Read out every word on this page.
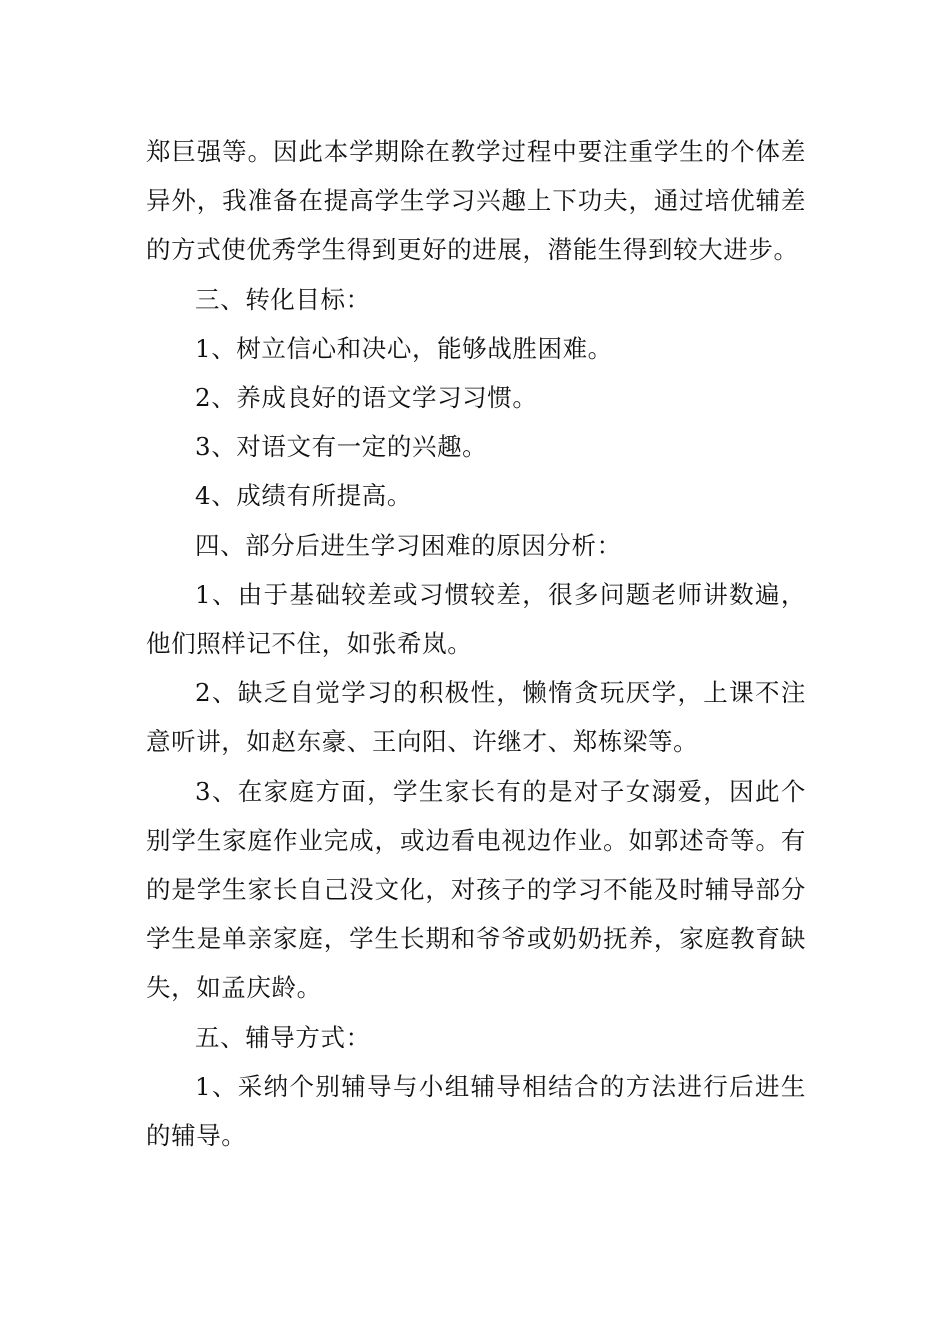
郑巨强等。因此本学期除在教学过程中要注重学生的个体差异外，我准备在提高学生学习兴趣上下功夫，通过培优辅差的方式使优秀学生得到更好的进展，潜能生得到较大进步。

三、转化目标：

1、树立信心和决心，能够战胜困难。

2、养成良好的语文学习习惯。

3、对语文有一定的兴趣。

4、成绩有所提高。

四、部分后进生学习困难的原因分析：

1、由于基础较差或习惯较差，很多问题老师讲数遍，他们照样记不住，如张希岚。

2、缺乏自觉学习的积极性，懒惰贪玩厌学，上课不注意听讲，如赵东豪、王向阳、许继才、郑栋梁等。

3、在家庭方面，学生家长有的是对子女溺爱，因此个别学生家庭作业完成，或边看电视边作业。如郭述奇等。有的是学生家长自己没文化，对孩子的学习不能及时辅导部分学生是单亲家庭，学生长期和爷爷或奶奶抚养，家庭教育缺失，如孟庆龄。

五、辅导方式：

1、采纳个别辅导与小组辅导相结合的方法进行后进生的辅导。
